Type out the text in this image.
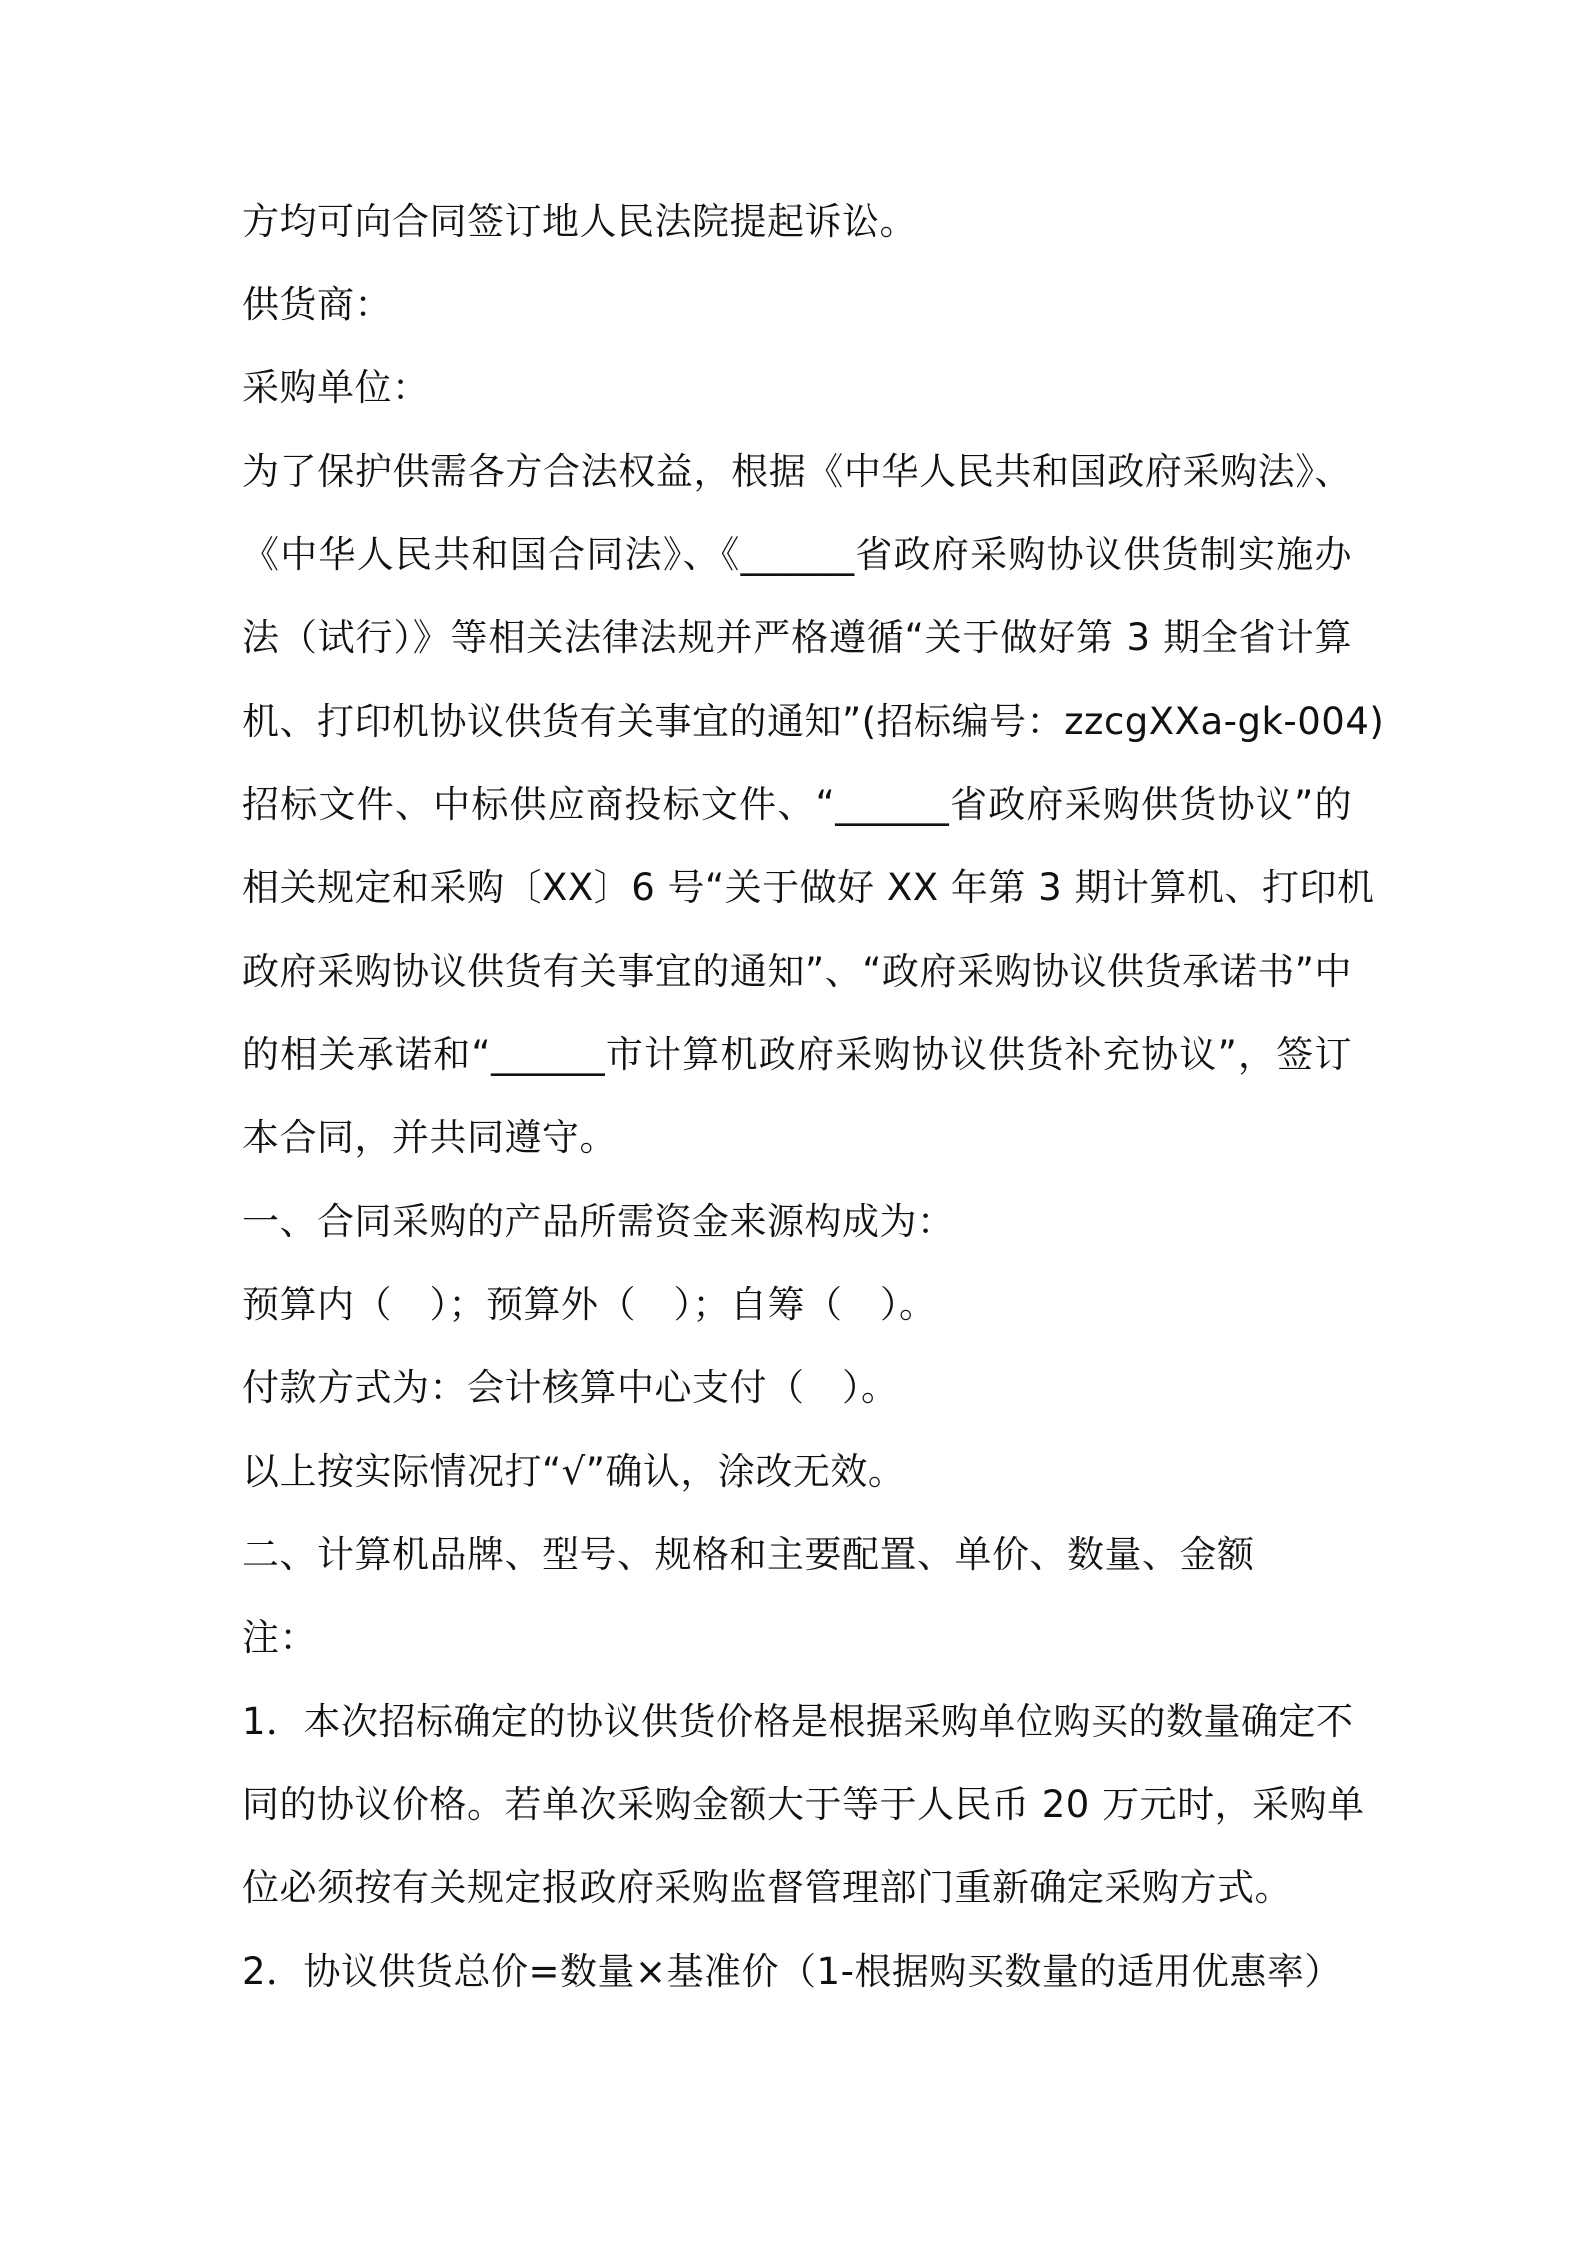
方均可向合同签订地人民法院提起诉讼。
供货商：
采购单位：
为了保护供需各方合法权益，根据《中华人民共和国政府采购法》、
《中华人民共和国合同法》、《______省政府采购协议供货制实施办
法（试行）》等相关法律法规并严格遵循“关于做好第 3 期全省计算
机、打印机协议供货有关事宜的通知”(招标编号：zzcgXXa-gk-004)
招标文件、中标供应商投标文件、“______省政府采购供货协议”的
相关规定和采购〔XX〕6 号“关于做好 XX 年第 3 期计算机、打印机
政府采购协议供货有关事宜的通知”、“政府采购协议供货承诺书”中
的相关承诺和“______市计算机政府采购协议供货补充协议”，签订
本合同，并共同遵守。
一、合同采购的产品所需资金来源构成为：
预算内（　）；预算外（　）；自筹（　）。
付款方式为：会计核算中心支付（　）。
以上按实际情况打“√”确认，涂改无效。
二、计算机品牌、型号、规格和主要配置、单价、数量、金额
注：
1．本次招标确定的协议供货价格是根据采购单位购买的数量确定不
同的协议价格。若单次采购金额大于等于人民币 20 万元时，采购单
位必须按有关规定报政府采购监督管理部门重新确定采购方式。
2．协议供货总价=数量×基准价（1-根据购买数量的适用优惠率）
